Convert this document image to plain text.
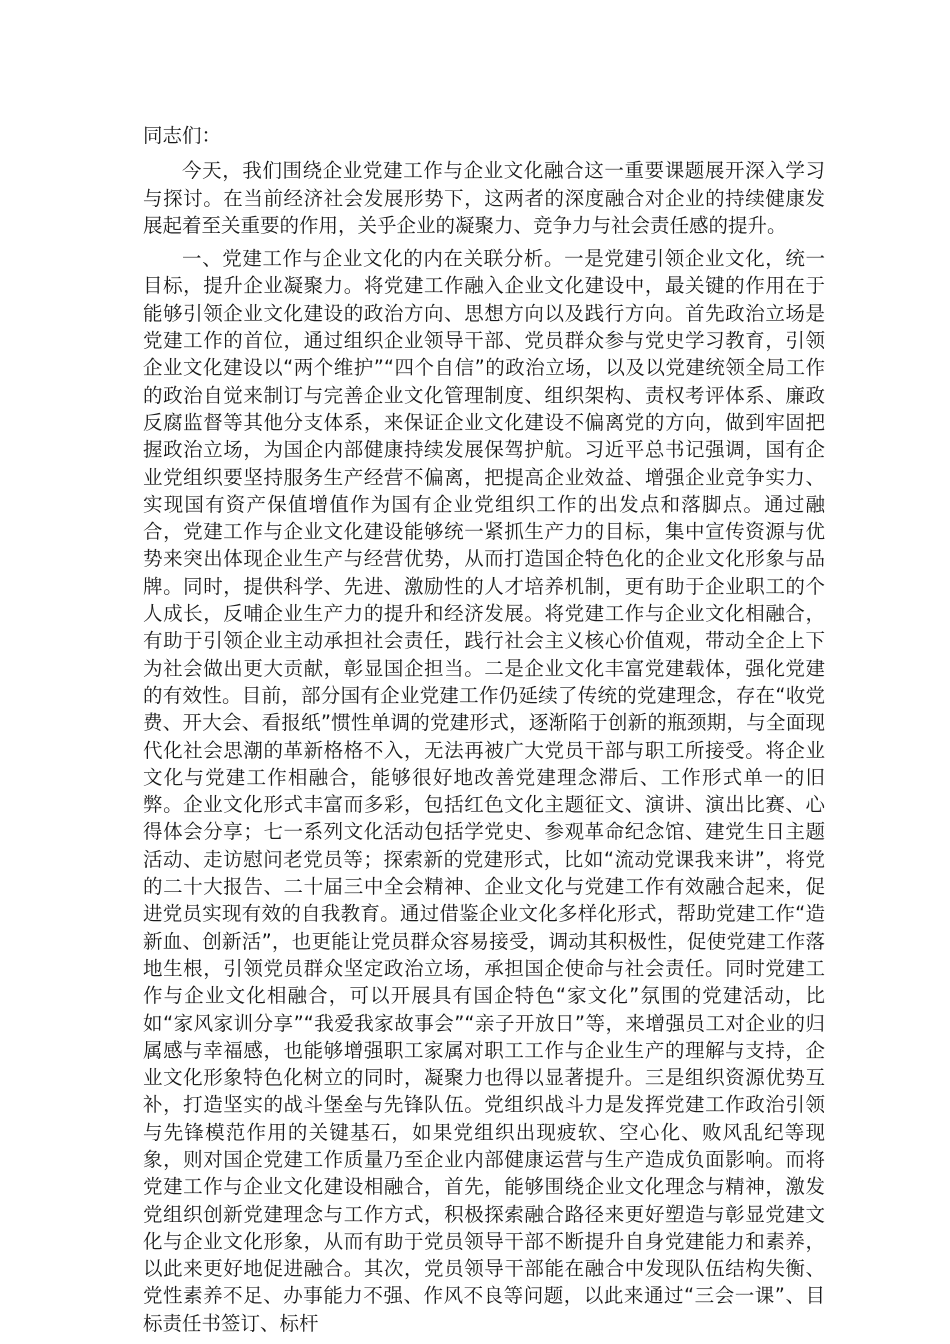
同志们：

今天，我们围绕企业党建工作与企业文化融合这一重要课题展开深入学习与探讨。在当前经济社会发展形势下，这两者的深度融合对企业的持续健康发展起着至关重要的作用，关乎企业的凝聚力、竞争力与社会责任感的提升。

一、党建工作与企业文化的内在关联分析。一是党建引领企业文化，统一目标，提升企业凝聚力。将党建工作融入企业文化建设中，最关键的作用在于能够引领企业文化建设的政治方向、思想方向以及践行方向。首先政治立场是党建工作的首位，通过组织企业领导干部、党员群众参与党史学习教育，引领企业文化建设以“两个维护”“四个自信”的政治立场，以及以党建统领全局工作的政治自觉来制订与完善企业文化管理制度、组织架构、责权考评体系、廉政反腐监督等其他分支体系，来保证企业文化建设不偏离党的方向，做到牢固把握政治立场，为国企内部健康持续发展保驾护航。习近平总书记强调，国有企业党组织要坚持服务生产经营不偏离，把提高企业效益、增强企业竞争实力、实现国有资产保值增值作为国有企业党组织工作的出发点和落脚点。通过融合，党建工作与企业文化建设能够统一紧抓生产力的目标，集中宣传资源与优势来突出体现企业生产与经营优势，从而打造国企特色化的企业文化形象与品牌。同时，提供科学、先进、激励性的人才培养机制，更有助于企业职工的个人成长，反哺企业生产力的提升和经济发展。将党建工作与企业文化相融合，有助于引领企业主动承担社会责任，践行社会主义核心价值观，带动全企上下为社会做出更大贡献，彰显国企担当。二是企业文化丰富党建载体，强化党建的有效性。目前，部分国有企业党建工作仍延续了传统的党建理念，存在“收党费、开大会、看报纸”惯性单调的党建形式，逐渐陷于创新的瓶颈期，与全面现代化社会思潮的革新格格不入，无法再被广大党员干部与职工所接受。将企业文化与党建工作相融合，能够很好地改善党建理念滞后、工作形式单一的旧弊。企业文化形式丰富而多彩，包括红色文化主题征文、演讲、演出比赛、心得体会分享；七一系列文化活动包括学党史、参观革命纪念馆、建党生日主题活动、走访慰问老党员等；探索新的党建形式，比如“流动党课我来讲”，将党的二十大报告、二十届三中全会精神、企业文化与党建工作有效融合起来，促进党员实现有效的自我教育。通过借鉴企业文化多样化形式，帮助党建工作“造新血、创新活”，也更能让党员群众容易接受，调动其积极性，促使党建工作落地生根，引领党员群众坚定政治立场，承担国企使命与社会责任。同时党建工作与企业文化相融合，可以开展具有国企特色“家文化”氛围的党建活动，比如“家风家训分享”“我爱我家故事会”“亲子开放日”等，来增强员工对企业的归属感与幸福感，也能够增强职工家属对职工工作与企业生产的理解与支持，企业文化形象特色化树立的同时，凝聚力也得以显著提升。三是组织资源优势互补，打造坚实的战斗堡垒与先锋队伍。党组织战斗力是发挥党建工作政治引领与先锋模范作用的关键基石，如果党组织出现疲软、空心化、败风乱纪等现象，则对国企党建工作质量乃至企业内部健康运营与生产造成负面影响。而将党建工作与企业文化建设相融合，首先，能够围绕企业文化理念与精神，激发党组织创新党建理念与工作方式，积极探索融合路径来更好塑造与彰显党建文化与企业文化形象，从而有助于党员领导干部不断提升自身党建能力和素养，以此来更好地促进融合。其次，党员领导干部能在融合中发现队伍结构失衡、党性素养不足、办事能力不强、作风不良等问题，以此来通过“三会一课”、目标责任书签订、标杆
